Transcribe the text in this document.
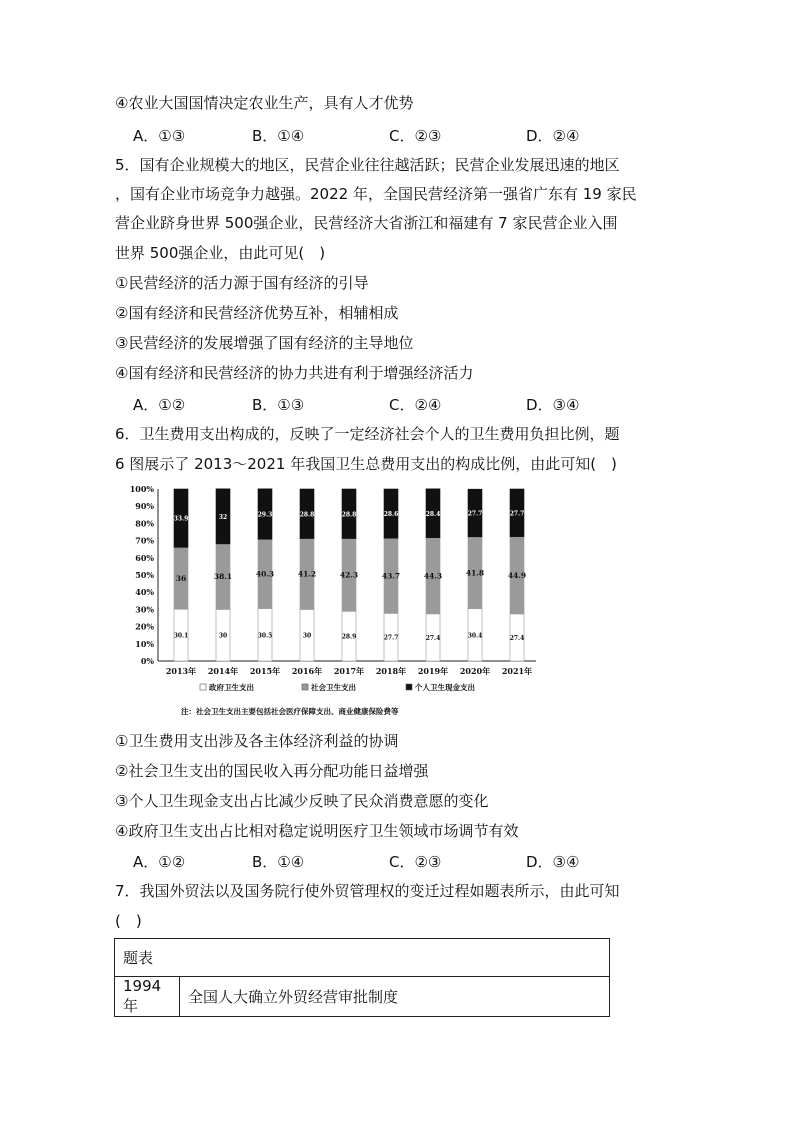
④农业大国国情决定农业生产，具有人才优势
A．①③	B．①④	C．②③	D．②④
5．国有企业规模大的地区，民营企业往往越活跃；民营企业发展迅速的地区
，国有企业市场竞争力越强。2022 年，全国民营经济第一强省广东有 19 家民
营企业跻身世界 500强企业，民营经济大省浙江和福建有 7 家民营企业入围
世界 500强企业，由此可见(　)
①民营经济的活力源于国有经济的引导
②国有经济和民营经济优势互补，相辅相成
③民营经济的发展增强了国有经济的主导地位
④国有经济和民营经济的协力共进有利于增强经济活力
A．①②	B．①③	C．②④	D．③④
6．卫生费用支出构成的，反映了一定经济社会个人的卫生费用负担比例，题
6 图展示了 2013～2021 年我国卫生总费用支出的构成比例，由此可知(　)
0%
10%
20%
30%
40%
50%
60%
70%
80%
90%
100%
30.1
36
33.9
2013年
30
38.1
32
2014年
30.5
40.3
29.3
2015年
30
41.2
28.8
2016年
28.9
42.3
28.8
2017年
27.7
43.7
28.6
2018年
27.4
44.3
28.4
2019年
30.4
41.8
27.7
2020年
27.4
44.9
27.7
2021年
政府卫生支出	社会卫生支出	个人卫生现金支出
注：社会卫生支出主要包括社会医疗保障支出、商业健康保险费等
①卫生费用支出涉及各主体经济利益的协调
②社会卫生支出的国民收入再分配功能日益增强
③个人卫生现金支出占比减少反映了民众消费意愿的变化
④政府卫生支出占比相对稳定说明医疗卫生领域市场调节有效
A．①②	B．①④	C．②③	D．③④
7．我国外贸法以及国务院行使外贸管理权的变迁过程如题表所示，由此可知
(　)
题表
1994 年	全国人大确立外贸经营审批制度
